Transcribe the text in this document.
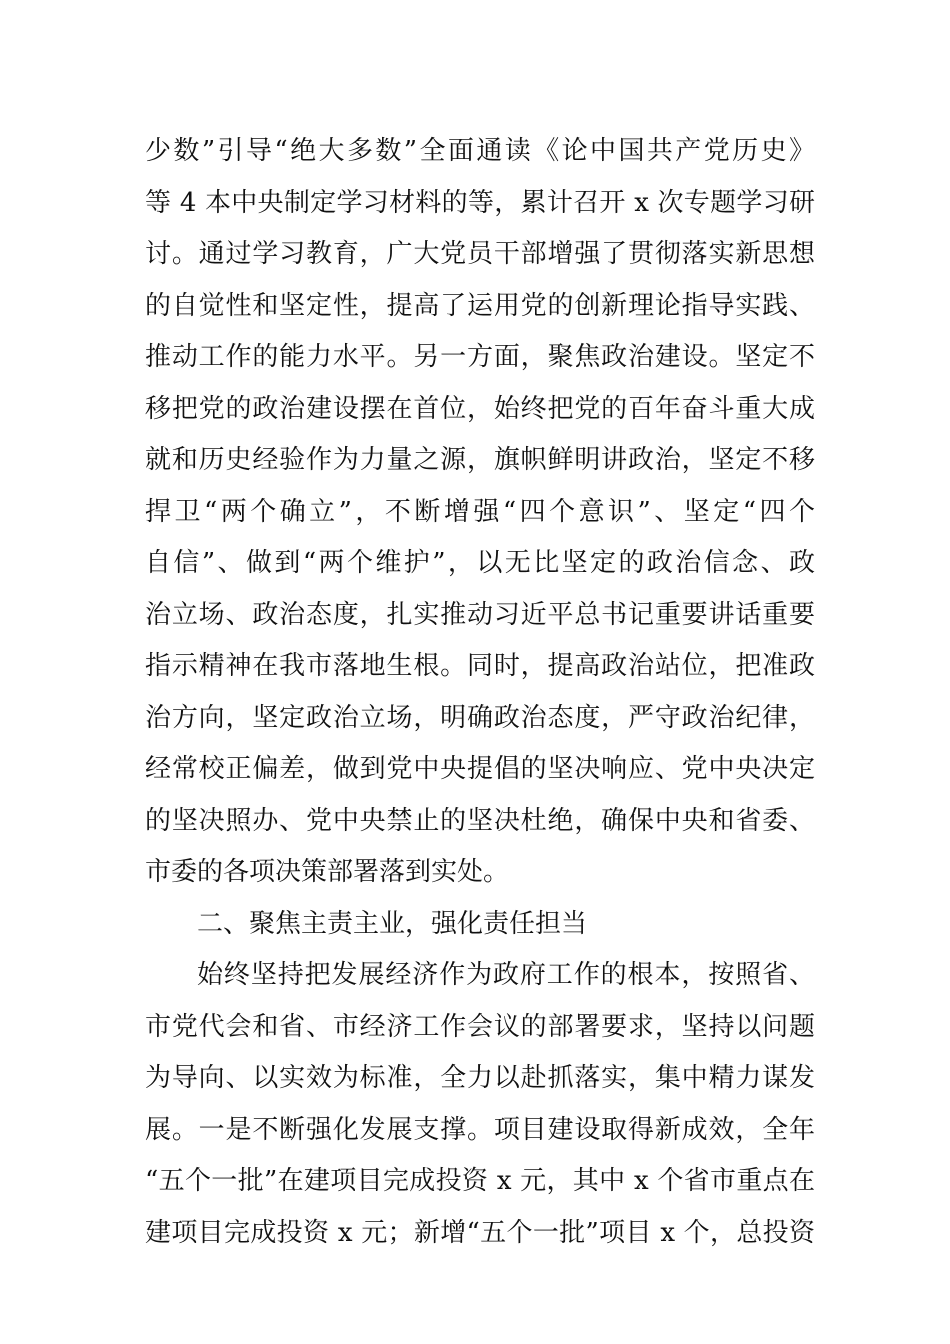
少数”引导“绝大多数”全面通读《论中国共产党历史》
等 4 本中央制定学习材料的等，累计召开 x 次专题学习研
讨。通过学习教育，广大党员干部增强了贯彻落实新思想
的自觉性和坚定性，提高了运用党的创新理论指导实践、
推动工作的能力水平。另一方面，聚焦政治建设。坚定不
移把党的政治建设摆在首位，始终把党的百年奋斗重大成
就和历史经验作为力量之源，旗帜鲜明讲政治，坚定不移
捍卫“两个确立”，不断增强“四个意识”、坚定“四个
自信”、做到“两个维护”，以无比坚定的政治信念、政
治立场、政治态度，扎实推动习近平总书记重要讲话重要
指示精神在我市落地生根。同时，提高政治站位，把准政
治方向，坚定政治立场，明确政治态度，严守政治纪律，
经常校正偏差，做到党中央提倡的坚决响应、党中央决定
的坚决照办、党中央禁止的坚决杜绝，确保中央和省委、
市委的各项决策部署落到实处。
二、聚焦主责主业，强化责任担当
始终坚持把发展经济作为政府工作的根本，按照省、
市党代会和省、市经济工作会议的部署要求，坚持以问题
为导向、以实效为标准，全力以赴抓落实，集中精力谋发
展。一是不断强化发展支撑。项目建设取得新成效，全年
“五个一批”在建项目完成投资 x 元，其中 x 个省市重点在
建项目完成投资 x 元；新增“五个一批”项目 x 个，总投资
